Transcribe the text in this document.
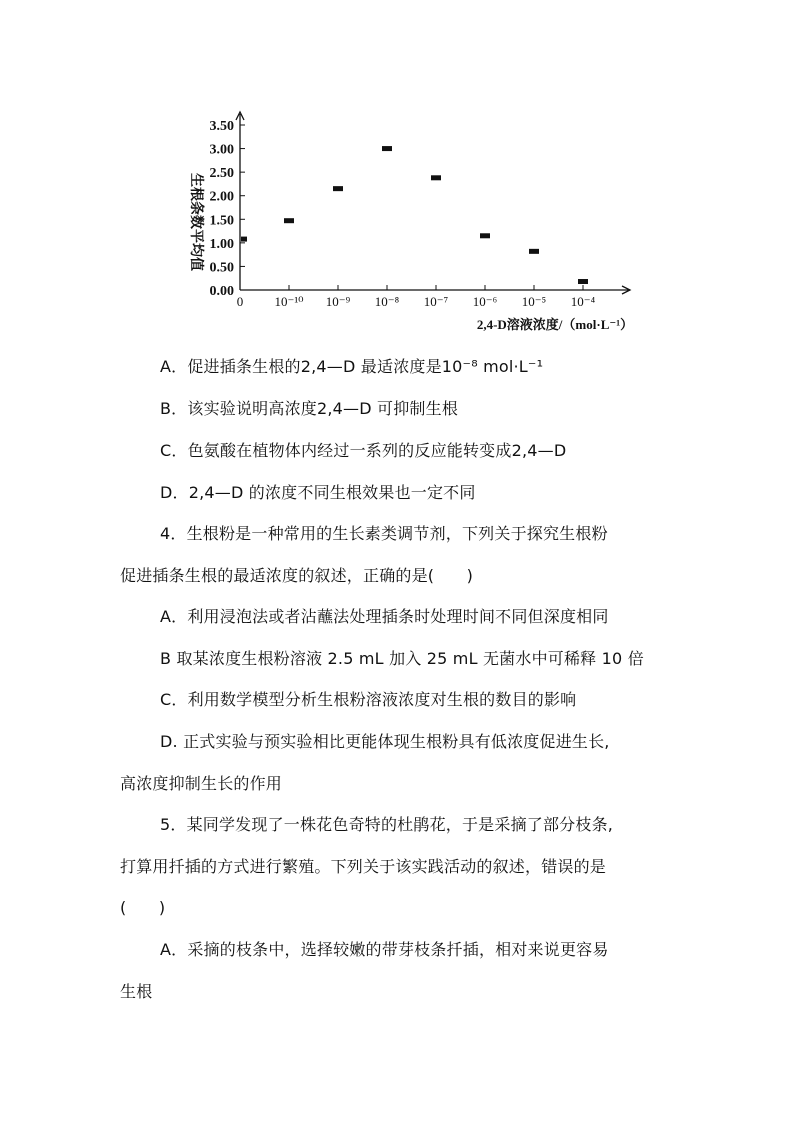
3.50
3.00
2.50
2.00
1.50
1.00
0.50
0.00
0 10⁻¹⁰ 10⁻⁹ 10⁻⁸ 10⁻⁷ 10⁻⁶ 10⁻⁵ 10⁻⁴
生根条数平均值
2,4-D溶液浓度/（mol·L⁻¹）
A．促进插条生根的2,4—D 最适浓度是10⁻⁸ mol·L⁻¹
B．该实验说明高浓度2,4—D 可抑制生根
C．色氨酸在植物体内经过一系列的反应能转变成2,4—D
D．2,4—D 的浓度不同生根效果也一定不同
4．生根粉是一种常用的生长素类调节剂，下列关于探究生根粉
促进插条生根的最适浓度的叙述，正确的是(　　)
A．利用浸泡法或者沾蘸法处理插条时处理时间不同但深度相同
B 取某浓度生根粉溶液 2.5 mL 加入 25 mL 无菌水中可稀释 10 倍
C．利用数学模型分析生根粉溶液浓度对生根的数目的影响
D. 正式实验与预实验相比更能体现生根粉具有低浓度促进生长,
高浓度抑制生长的作用
5．某同学发现了一株花色奇特的杜鹃花，于是采摘了部分枝条,
打算用扦插的方式进行繁殖。下列关于该实践活动的叙述，错误的是
(　　)
A．采摘的枝条中，选择较嫩的带芽枝条扦插，相对来说更容易
生根
